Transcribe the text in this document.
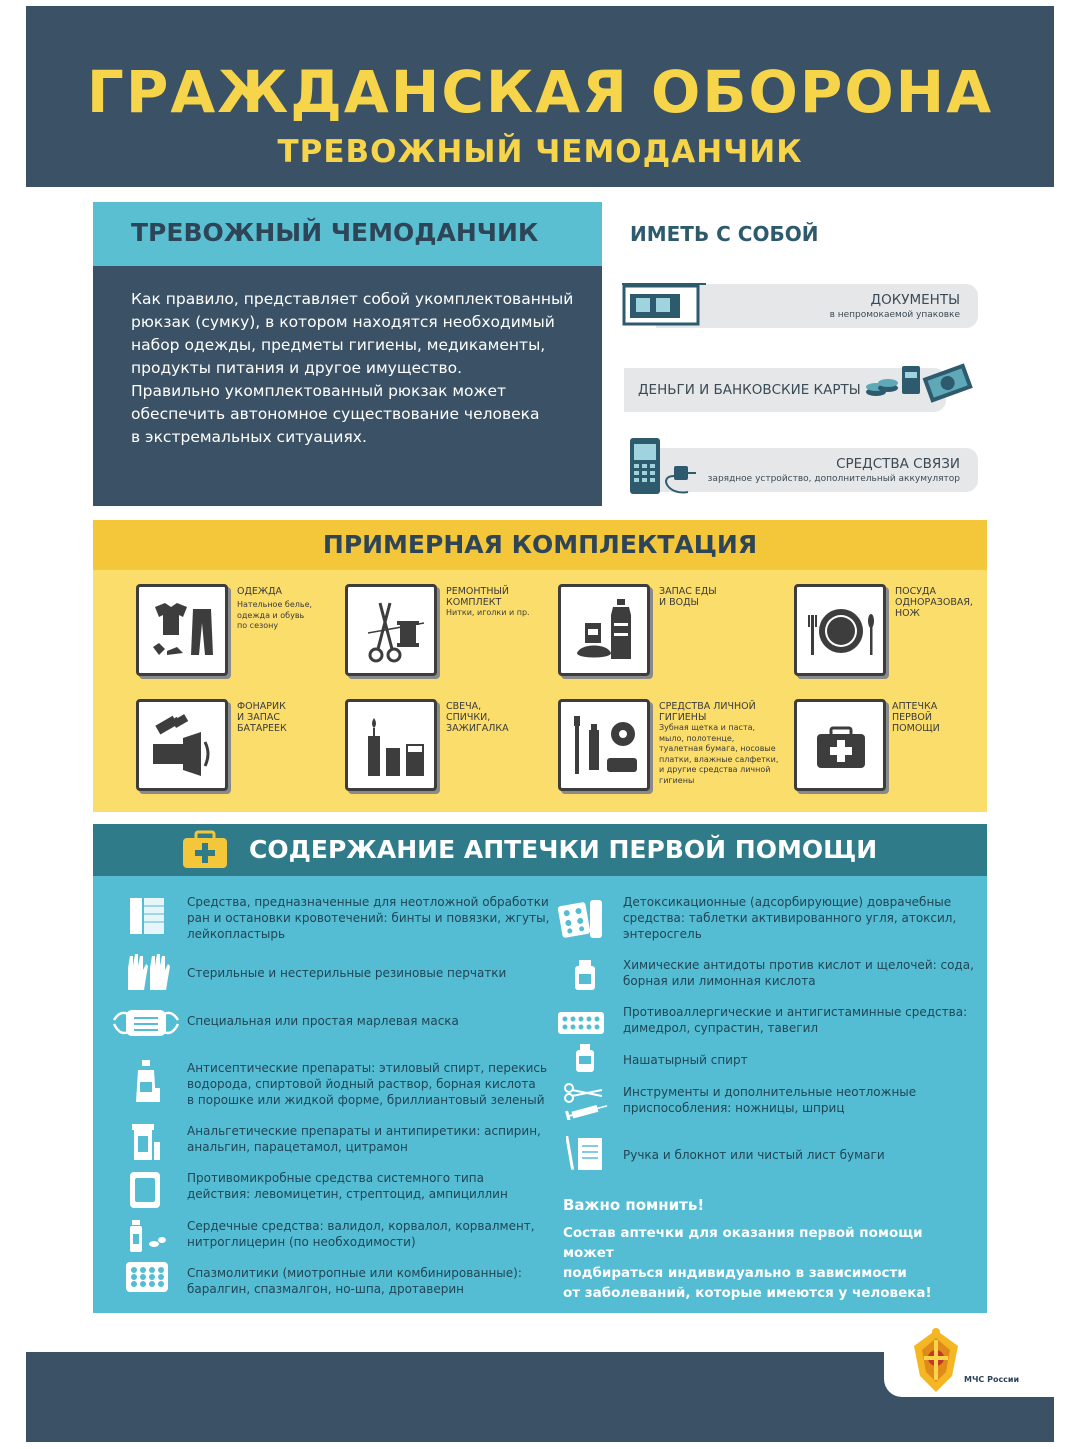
ГРАЖДАНСКАЯ ОБОРОНА
ТРЕВОЖНЫЙ ЧЕМОДАНЧИК
ТРЕВОЖНЫЙ ЧЕМОДАНЧИК

Как правило, представляет собой укомплектованный
рюкзак (сумку), в котором находятся необходимый
набор одежды, предметы гигиены, медикаменты,
продукты питания и другое имущество.
Правильно укомплектованный рюкзак может
обеспечить автономное существование человека
в экстремальных ситуациях.

ИМЕТЬ С СОБОЙ
ДОКУМЕНТЫ
в непромокаемой упаковке
ДЕНЬГИ И БАНКОВСКИЕ КАРТЫ
СРЕДСТВА СВЯЗИ
зарядное устройство, дополнительный аккумулятор
ПРИМЕРНАЯ КОМПЛЕКТАЦИЯ
ОДЕЖДА
Нательное белье,
одежда и обувь
по сезону
РЕМОНТНЫЙ
КОМПЛЕКТ
Нитки, иголки и пр.
ЗАПАС ЕДЫ
И ВОДЫ
ПОСУДА
ОДНОРАЗОВАЯ,
НОЖ
ФОНАРИК
И ЗАПАС
БАТАРЕЕК
СВЕЧА,
СПИЧКИ,
ЗАЖИГАЛКА
СРЕДСТВА ЛИЧНОЙ
ГИГИЕНЫ
Зубная щетка и паста,
мыло, полотенце,
туалетная бумага, носовые
платки, влажные салфетки,
и другие средства личной
гигиены
АПТЕЧКА
ПЕРВОЙ
ПОМОЩИ
СОДЕРЖАНИЕ АПТЕЧКИ ПЕРВОЙ ПОМОЩИ
Средства, предназначенные для неотложной обработки
ран и остановки кровотечений: бинты и повязки, жгуты,
лейкопластырь
Стерильные и нестерильные резиновые перчатки
Специальная или простая марлевая маска
Антисептические препараты: этиловый спирт, перекись
водорода, спиртовой йодный раствор, борная кислота
в порошке или жидкой форме, бриллиантовый зеленый
Анальгетические препараты и антипиретики: аспирин,
анальгин, парацетамол, цитрамон
Противомикробные средства системного типа
действия: левомицетин, стрептоцид, ампициллин
Сердечные средства: валидол, корвалол, корвалмент,
нитроглицерин (по необходимости)
Спазмолитики (миотропные или комбинированные):
баралгин, спазмалгон, но-шпа, дротаверин
Детоксикационные (адсорбирующие) доврачебные
средства: таблетки активированного угля, атоксил,
энтеросгель
Химические антидоты против кислот и щелочей: сода,
борная или лимонная кислота
Противоаллергические и антигистаминные средства:
димедрол, супрастин, тавегил
Нашатырный спирт
Инструменты и дополнительные неотложные
приспособления: ножницы, шприц
Ручка и блокнот или чистый лист бумаги
Важно помнить!
Состав аптечки для оказания первой помощи может
подбираться индивидуально в зависимости
от заболеваний, которые имеются у человека!
МЧС России
